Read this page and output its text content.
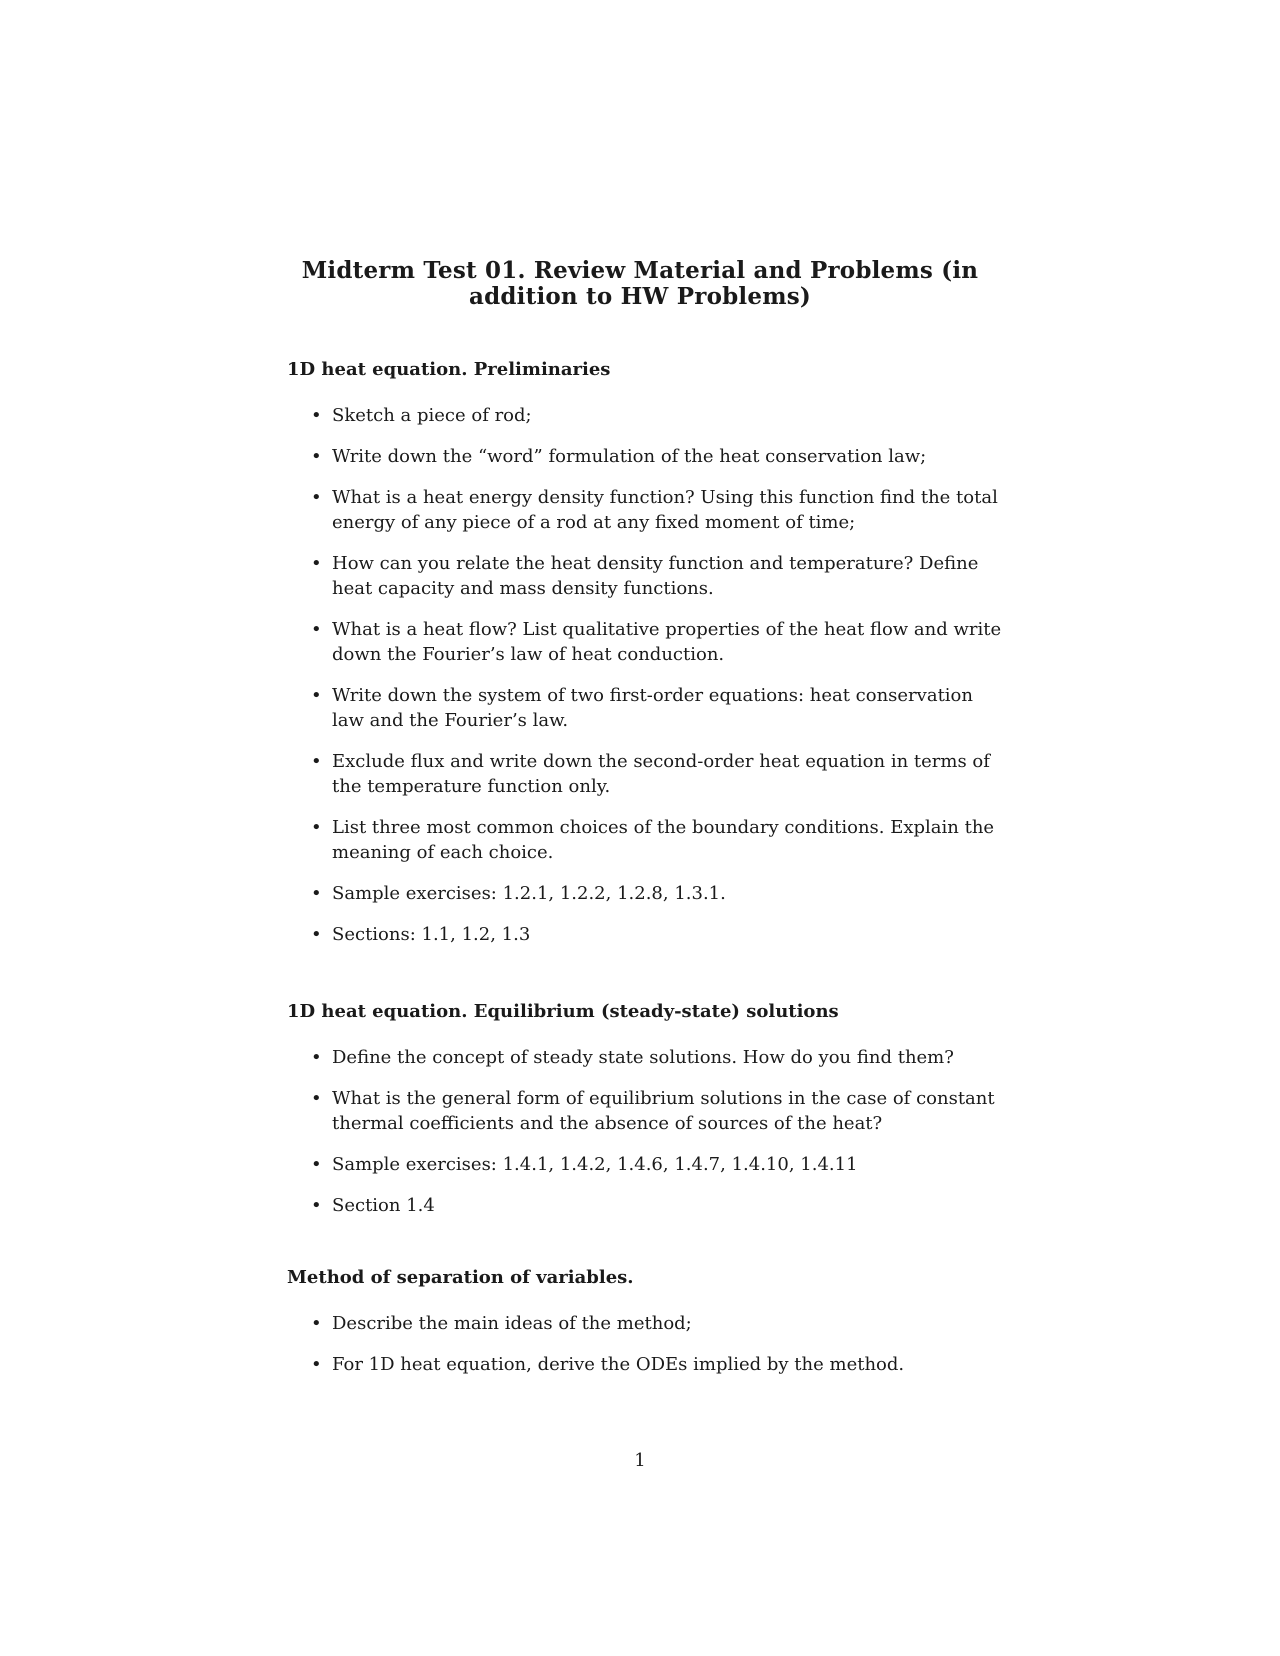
Midterm Test 01. Review Material and Problems (in
addition to HW Problems)
1D heat equation. Preliminaries
• Sketch a piece of rod;
• Write down the “word” formulation of the heat conservation law;
• What is a heat energy density function? Using this function find the total energy of any piece of a rod at any fixed moment of time;
• How can you relate the heat density function and temperature? Define heat capacity and mass density functions.
• What is a heat flow? List qualitative properties of the heat flow and write down the Fourier’s law of heat conduction.
• Write down the system of two first-order equations: heat conservation law and the Fourier’s law.
• Exclude flux and write down the second-order heat equation in terms of the temperature function only.
• List three most common choices of the boundary conditions. Explain the meaning of each choice.
• Sample exercises: 1.2.1, 1.2.2, 1.2.8, 1.3.1.
• Sections: 1.1, 1.2, 1.3
1D heat equation. Equilibrium (steady-state) solutions
• Define the concept of steady state solutions. How do you find them?
• What is the general form of equilibrium solutions in the case of constant thermal coefficients and the absence of sources of the heat?
• Sample exercises: 1.4.1, 1.4.2, 1.4.6, 1.4.7, 1.4.10, 1.4.11
• Section 1.4
Method of separation of variables.
• Describe the main ideas of the method;
• For 1D heat equation, derive the ODEs implied by the method.
1
